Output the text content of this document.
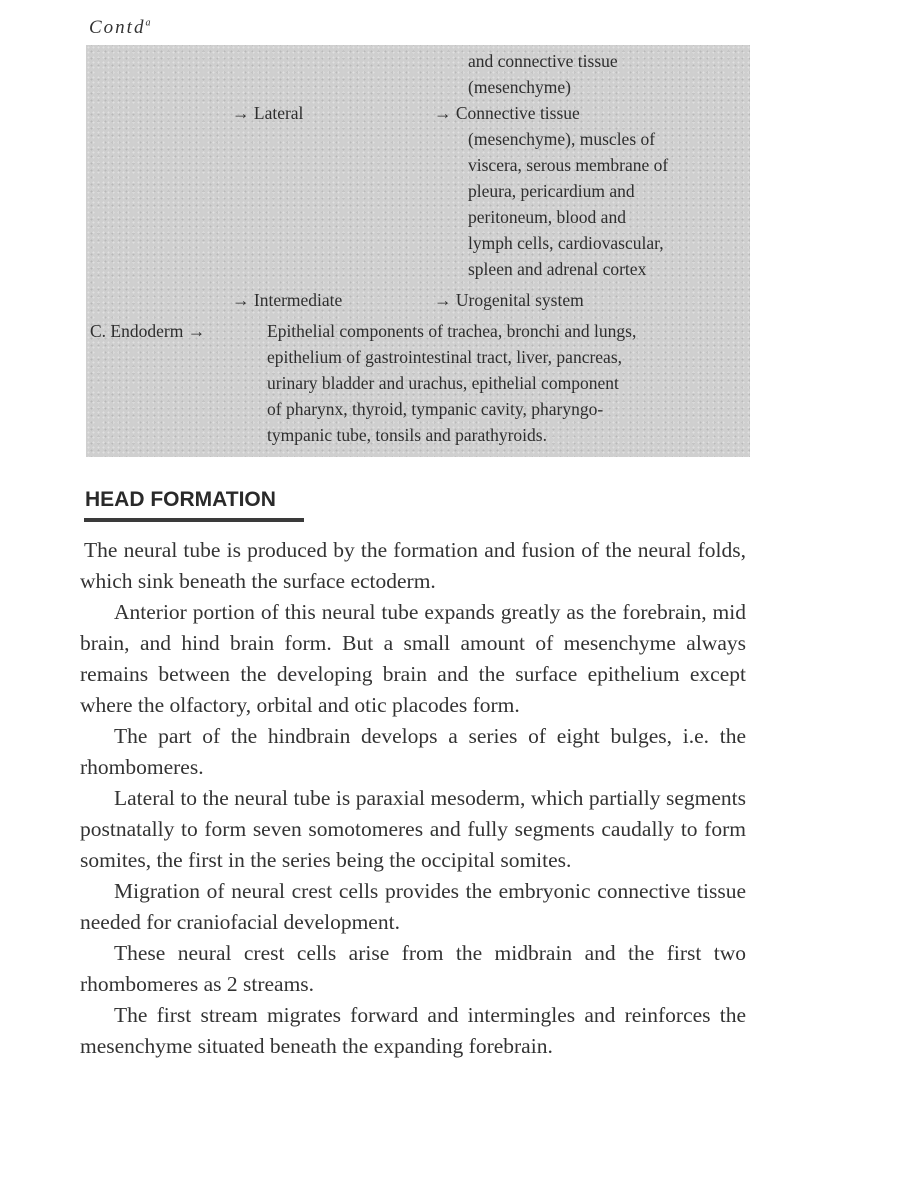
Contd$^a$
and connective tissue
(mesenchyme)
→ Lateral	→ Connective tissue
(mesenchyme), muscles of
viscera, serous membrane of
pleura, pericardium and
peritoneum, blood and
lymph cells, cardiovascular,
spleen and adrenal cortex
→ Intermediate	→ Urogenital system
C. Endoderm →	Epithelial components of trachea, bronchi and lungs,
epithelium of gastrointestinal tract, liver, pancreas,
urinary bladder and urachus, epithelial component
of pharynx, thyroid, tympanic cavity, pharyngo-
tympanic tube, tonsils and parathyroids.
HEAD FORMATION

The neural tube is produced by the formation and fusion of the neural folds, which sink beneath the surface ectoderm.

Anterior portion of this neural tube expands greatly as the forebrain, mid brain, and hind brain form. But a small amount of mesenchyme always remains between the developing brain and the surface epithelium except where the olfactory, orbital and otic placodes form.

The part of the hindbrain develops a series of eight bulges, i.e. the rhombomeres.

Lateral to the neural tube is paraxial mesoderm, which partially segments postnatally to form seven somotomeres and fully segments caudally to form somites, the first in the series being the occipital somites.

Migration of neural crest cells provides the embryonic connective tissue needed for craniofacial development.

These neural crest cells arise from the midbrain and the first two rhombomeres as 2 streams.

The first stream migrates forward and intermingles and reinforces the mesenchyme situated beneath the expanding forebrain.
